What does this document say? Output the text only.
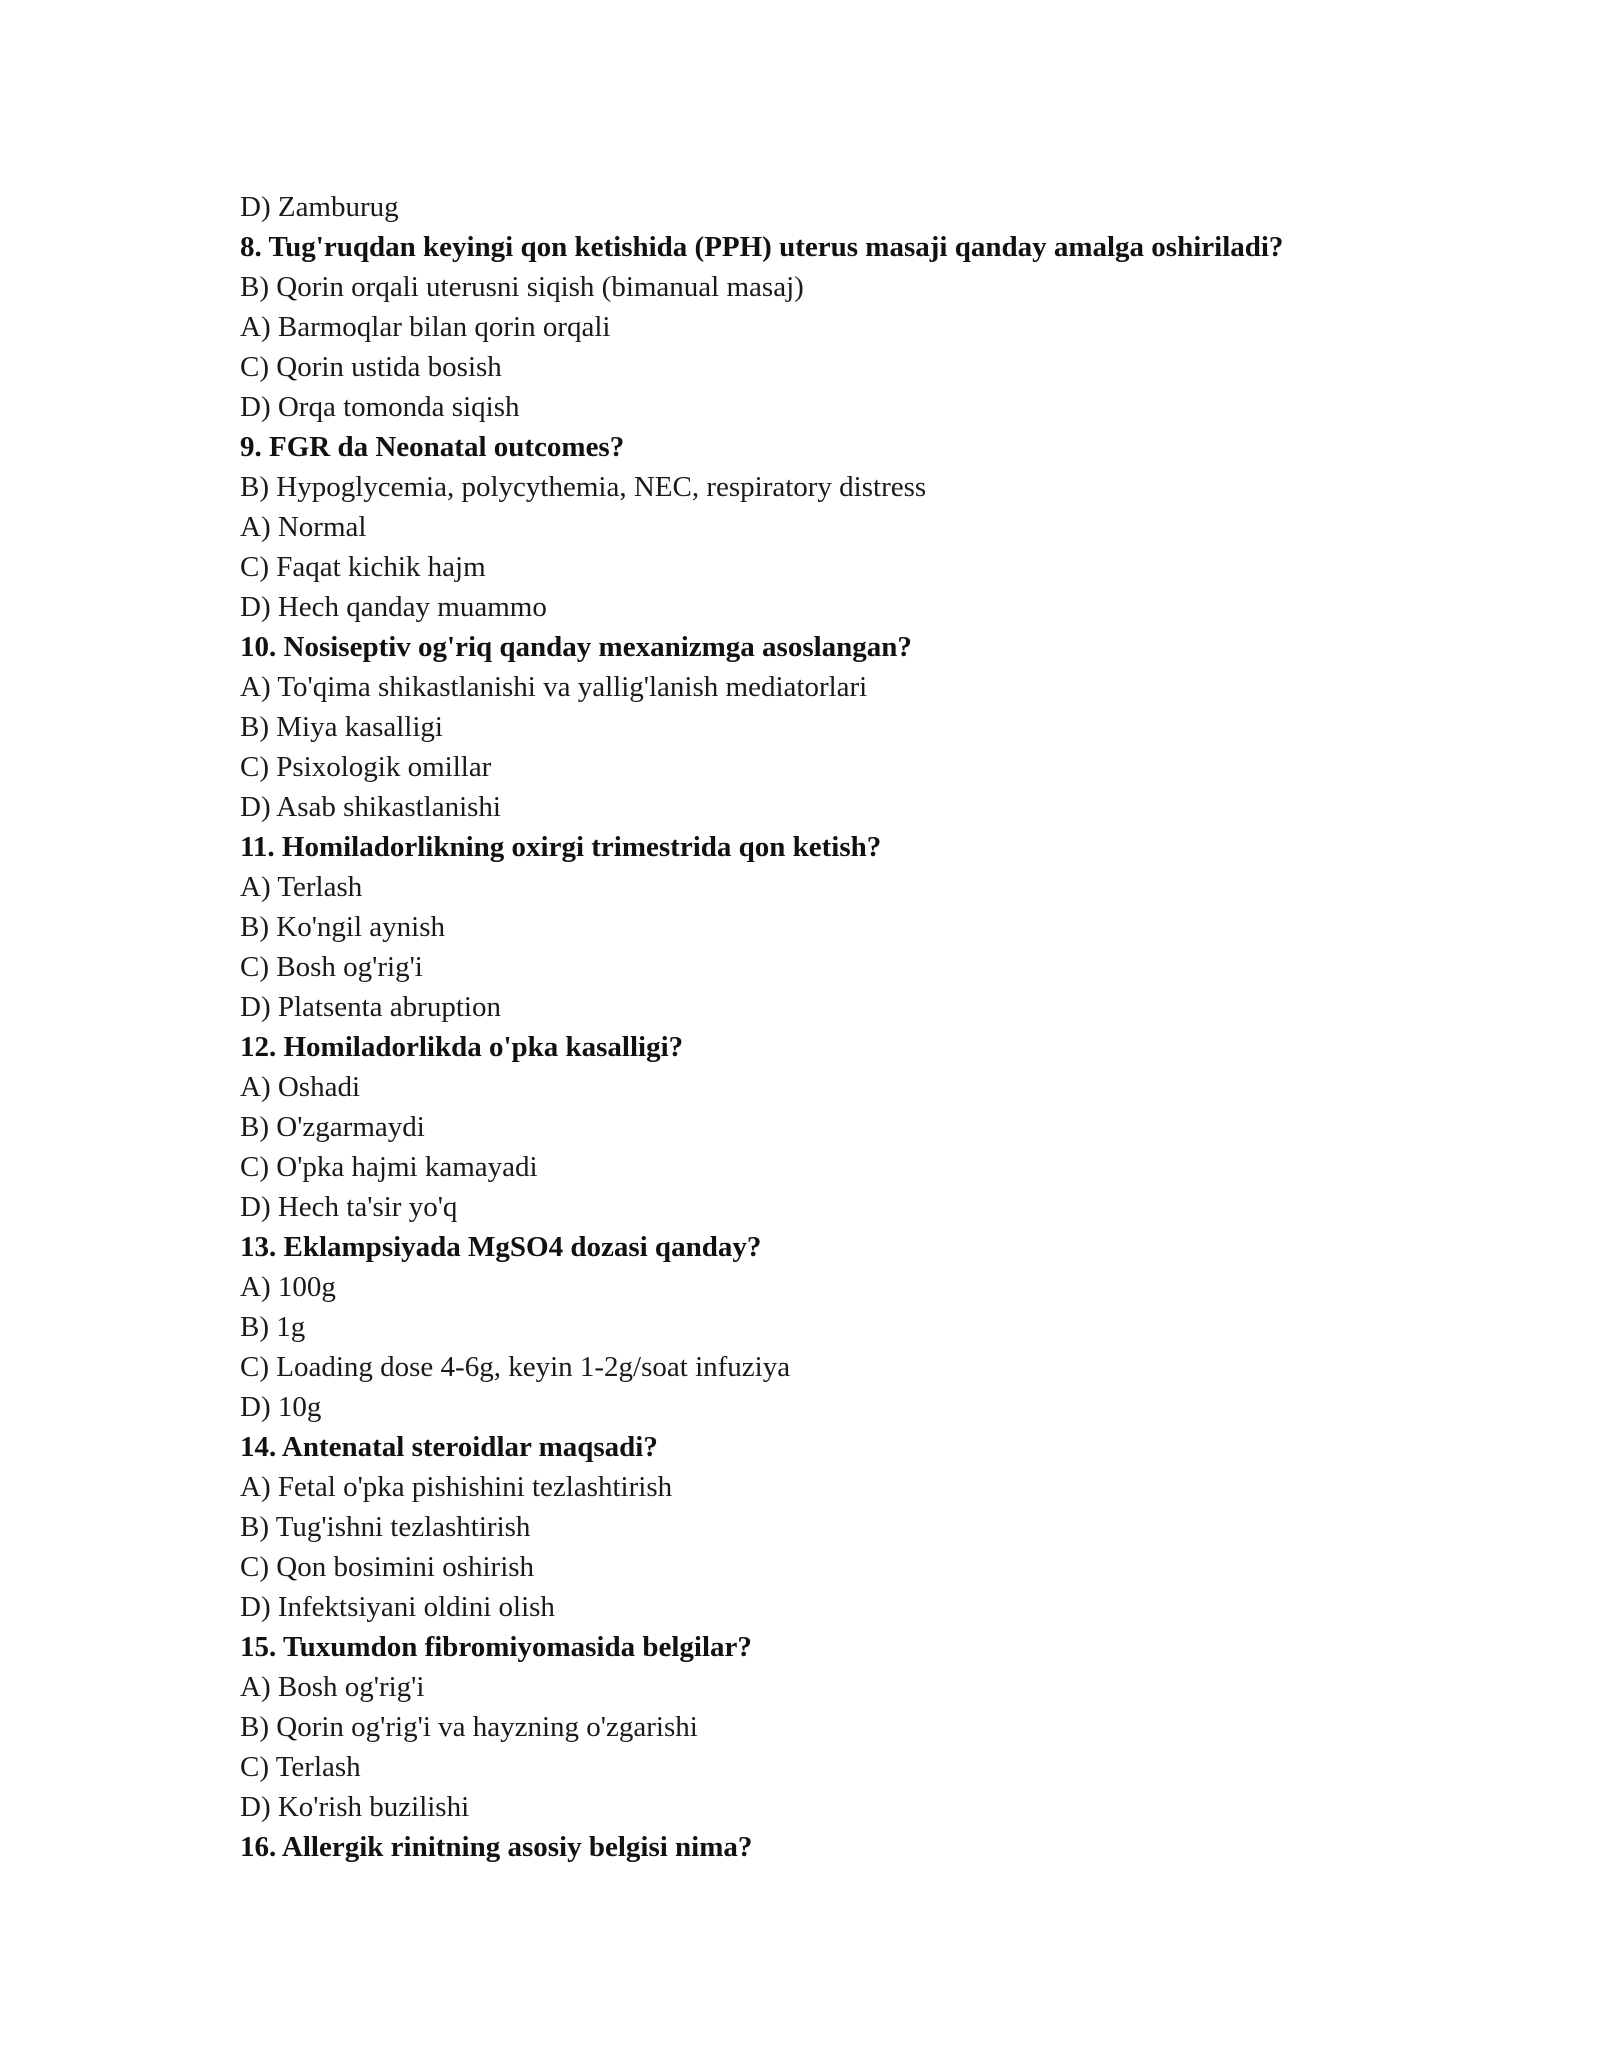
D) Zamburug
8. Tug'ruqdan keyingi qon ketishida (PPH) uterus masaji qanday amalga oshiriladi?
B) Qorin orqali uterusni siqish (bimanual masaj)
A) Barmoqlar bilan qorin orqali
C) Qorin ustida bosish
D) Orqa tomonda siqish
9. FGR da Neonatal outcomes?
B) Hypoglycemia, polycythemia, NEC, respiratory distress
A) Normal
C) Faqat kichik hajm
D) Hech qanday muammo
10. Nosiseptiv og'riq qanday mexanizmga asoslangan?
A) To'qima shikastlanishi va yallig'lanish mediatorlari
B) Miya kasalligi
C) Psixologik omillar
D) Asab shikastlanishi
11. Homiladorlikning oxirgi trimestrida qon ketish?
A) Terlash
B) Ko'ngil aynish
C) Bosh og'rig'i
D) Platsenta abruption
12. Homiladorlikda o'pka kasalligi?
A) Oshadi
B) O'zgarmaydi
C) O'pka hajmi kamayadi
D) Hech ta'sir yo'q
13. Eklampsiyada MgSO4 dozasi qanday?
A) 100g
B) 1g
C) Loading dose 4-6g, keyin 1-2g/soat infuziya
D) 10g
14. Antenatal steroidlar maqsadi?
A) Fetal o'pka pishishini tezlashtirish
B) Tug'ishni tezlashtirish
C) Qon bosimini oshirish
D) Infektsiyani oldini olish
15. Tuxumdon fibromiyomasida belgilar?
A) Bosh og'rig'i
B) Qorin og'rig'i va hayzning o'zgarishi
C) Terlash
D) Ko'rish buzilishi
16. Allergik rinitning asosiy belgisi nima?
